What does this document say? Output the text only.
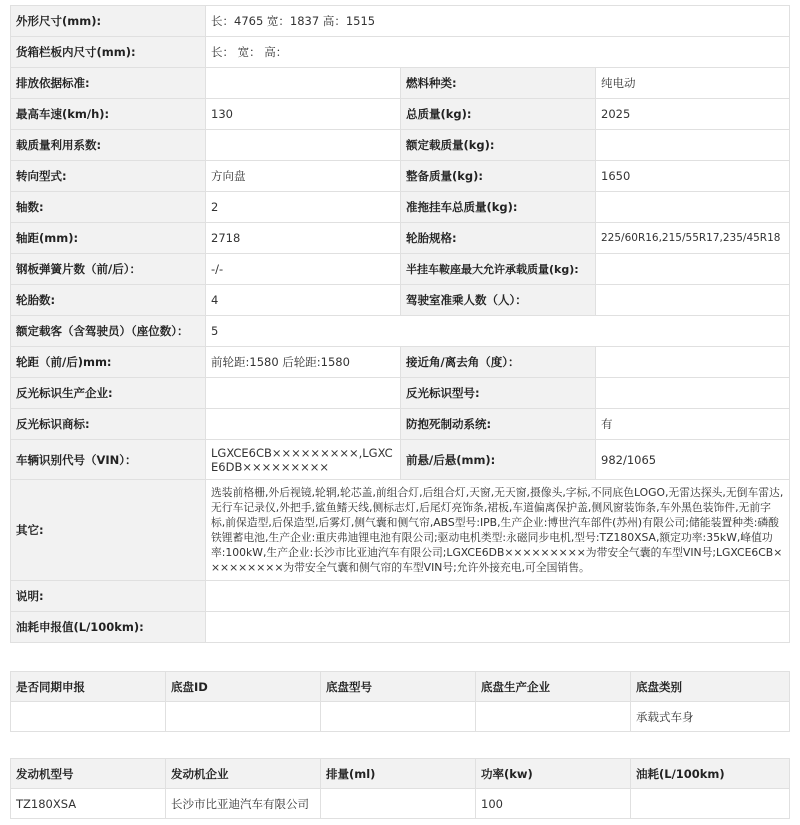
外形尺寸(mm):	长：4765 宽：1837 高：1515		
货箱栏板内尺寸(mm):	长： 宽： 高：		
排放依据标准:		燃料种类:	纯电动
最高车速(km/h):	130	总质量(kg):	2025
载质量利用系数:		额定载质量(kg):	
转向型式:	方向盘	整备质量(kg):	1650
轴数:	2	准拖挂车总质量(kg):	
轴距(mm):	2718	轮胎规格:	225/60R16,215/55R17,235/45R18
钢板弹簧片数（前/后）：	-/-	半挂车鞍座最大允许承载质量(kg):	
轮胎数:	4	驾驶室准乘人数（人）：	
额定载客（含驾驶员）（座位数）：	5		
轮距（前/后)mm:	前轮距:1580 后轮距:1580	接近角/离去角（度）：	
反光标识生产企业:		反光标识型号:	
反光标识商标:		防抱死制动系统:	有
车辆识别代号（VIN）：	LGXCE6CB×××××××××,LGXCE6DB×××××××××	前悬/后悬(mm):	982/1065
其它:	选装前格栅,外后视镜,轮辋,轮芯盖,前组合灯,后组合灯,天窗,无天窗,摄像头,字标,不同底色LOGO,无雷达探头,无倒车雷达,无行车记录仪,外把手,鲨鱼鳍天线,侧标志灯,后尾灯亮饰条,裙板,车道偏离保护盖,侧风窗装饰条,车外黑色装饰件,无前字标,前保造型,后保造型,后雾灯,侧气囊和侧气帘,ABS型号:IPB,生产企业:博世汽车部件(苏州)有限公司;储能装置种类:磷酸铁锂蓄电池,生产企业:重庆弗迪锂电池有限公司;驱动电机类型:永磁同步电机,型号:TZ180XSA,额定功率:35kW,峰值功率:100kW,生产企业:长沙市比亚迪汽车有限公司;LGXCE6DB×××××××××为带安全气囊的车型VIN号;LGXCE6CB×××××××××为带安全气囊和侧气帘的车型VIN号;允许外接充电,可全国销售。		
说明:			
油耗申报值(L/100km):			
是否同期申报	底盘ID	底盘型号	底盘生产企业	底盘类别
				承载式车身
发动机型号	发动机企业	排量(ml)	功率(kw)	油耗(L/100km)
TZ180XSA	长沙市比亚迪汽车有限公司		100	
